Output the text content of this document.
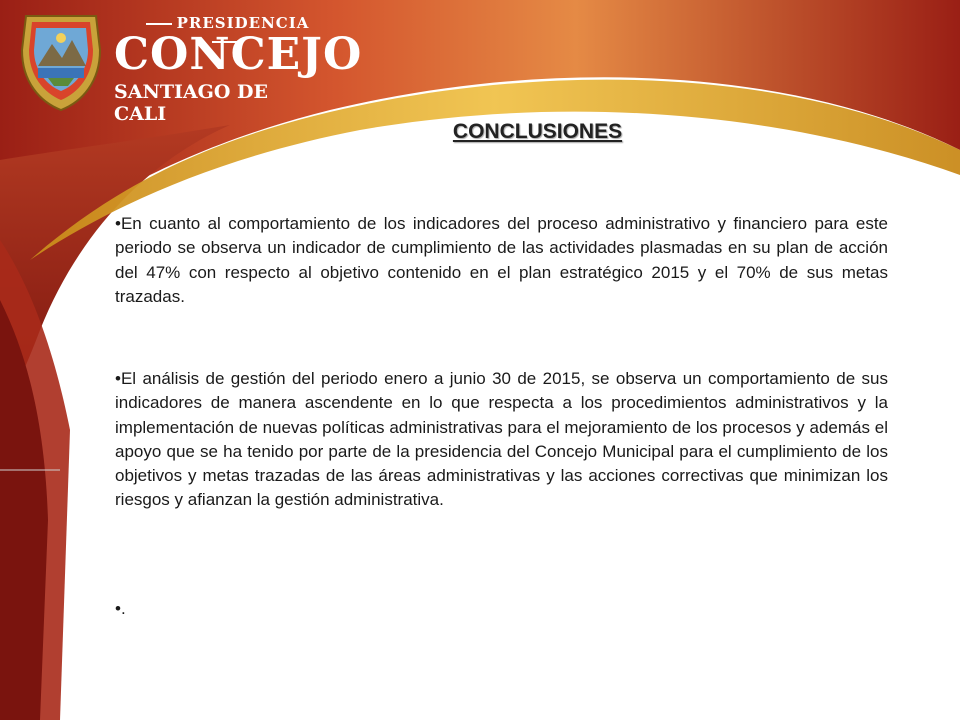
PRESIDENCIA
CONCEJO
SANTIAGO DE CALI
CONCLUSIONES

•En cuanto al comportamiento de los indicadores del proceso administrativo y financiero para este periodo se observa un indicador de cumplimiento de las actividades plasmadas en su plan de acción del 47% con respecto al objetivo contenido en el plan estratégico 2015 y el 70% de sus metas trazadas.

•El análisis de gestión del periodo enero a junio 30 de 2015, se observa un comportamiento de sus indicadores de manera ascendente en lo que respecta a los procedimientos administrativos y la implementación de nuevas políticas administrativas para el mejoramiento de los procesos y además el apoyo que se ha tenido por parte de la presidencia del Concejo Municipal para el cumplimiento de los objetivos y metas trazadas de las áreas administrativas y las acciones correctivas que minimizan los riesgos y afianzan la gestión administrativa.

•.
